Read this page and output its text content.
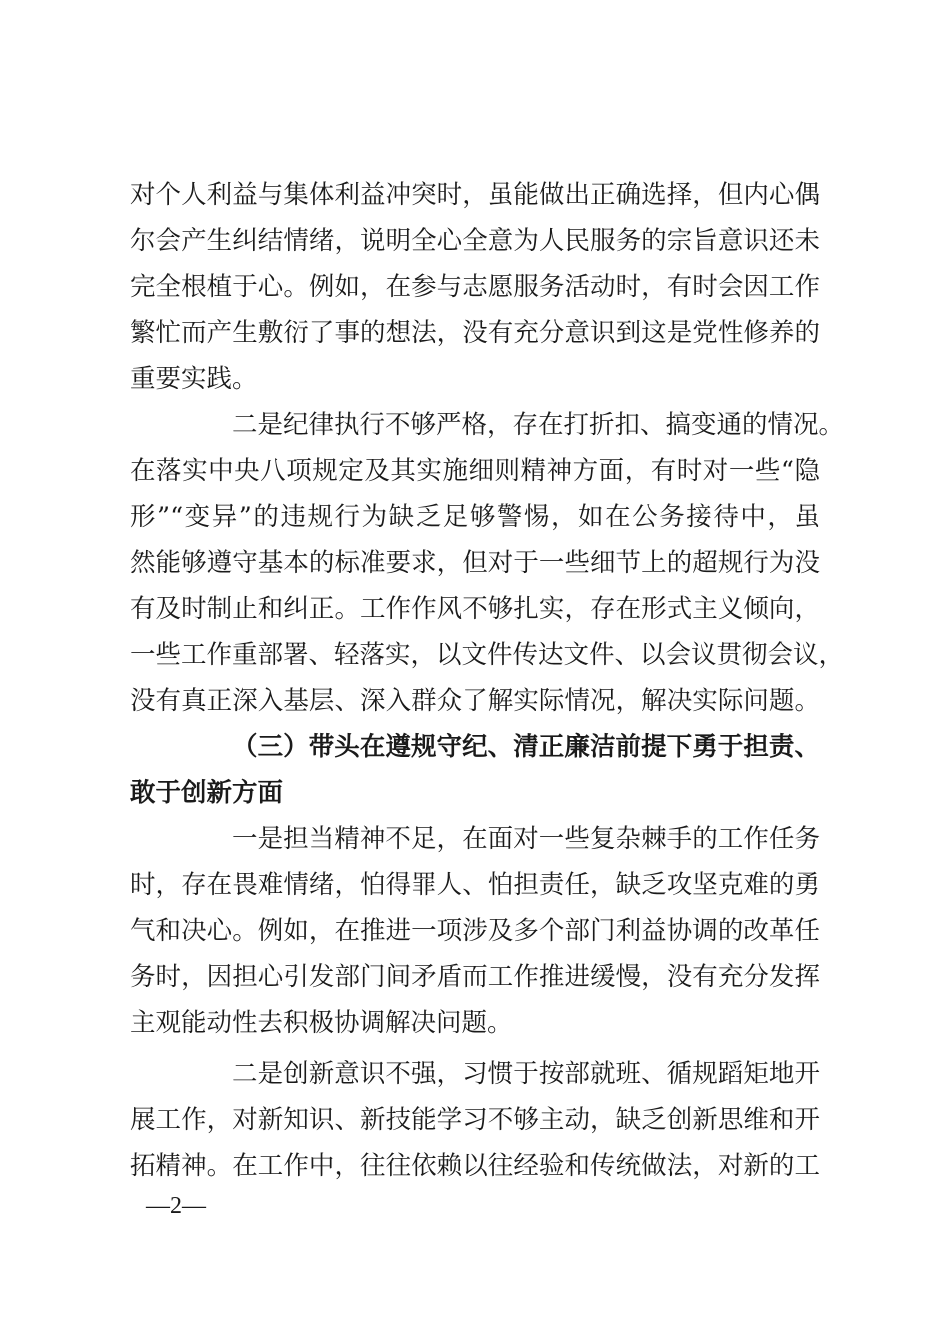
对个人利益与集体利益冲突时，虽能做出正确选择，但内心偶
尔会产生纠结情绪，说明全心全意为人民服务的宗旨意识还未
完全根植于心。例如，在参与志愿服务活动时，有时会因工作
繁忙而产生敷衍了事的想法，没有充分意识到这是党性修养的
重要实践。
二是纪律执行不够严格，存在打折扣、搞变通的情况。
在落实中央八项规定及其实施细则精神方面，有时对一些“隐
形”“变异”的违规行为缺乏足够警惕，如在公务接待中，虽
然能够遵守基本的标准要求，但对于一些细节上的超规行为没
有及时制止和纠正。工作作风不够扎实，存在形式主义倾向，
一些工作重部署、轻落实，以文件传达文件、以会议贯彻会议，
没有真正深入基层、深入群众了解实际情况，解决实际问题。
（三）带头在遵规守纪、清正廉洁前提下勇于担责、
敢于创新方面
一是担当精神不足，在面对一些复杂棘手的工作任务
时，存在畏难情绪，怕得罪人、怕担责任，缺乏攻坚克难的勇
气和决心。例如，在推进一项涉及多个部门利益协调的改革任
务时，因担心引发部门间矛盾而工作推进缓慢，没有充分发挥
主观能动性去积极协调解决问题。
二是创新意识不强，习惯于按部就班、循规蹈矩地开
展工作，对新知识、新技能学习不够主动，缺乏创新思维和开
拓精神。在工作中，往往依赖以往经验和传统做法，对新的工
—2—
